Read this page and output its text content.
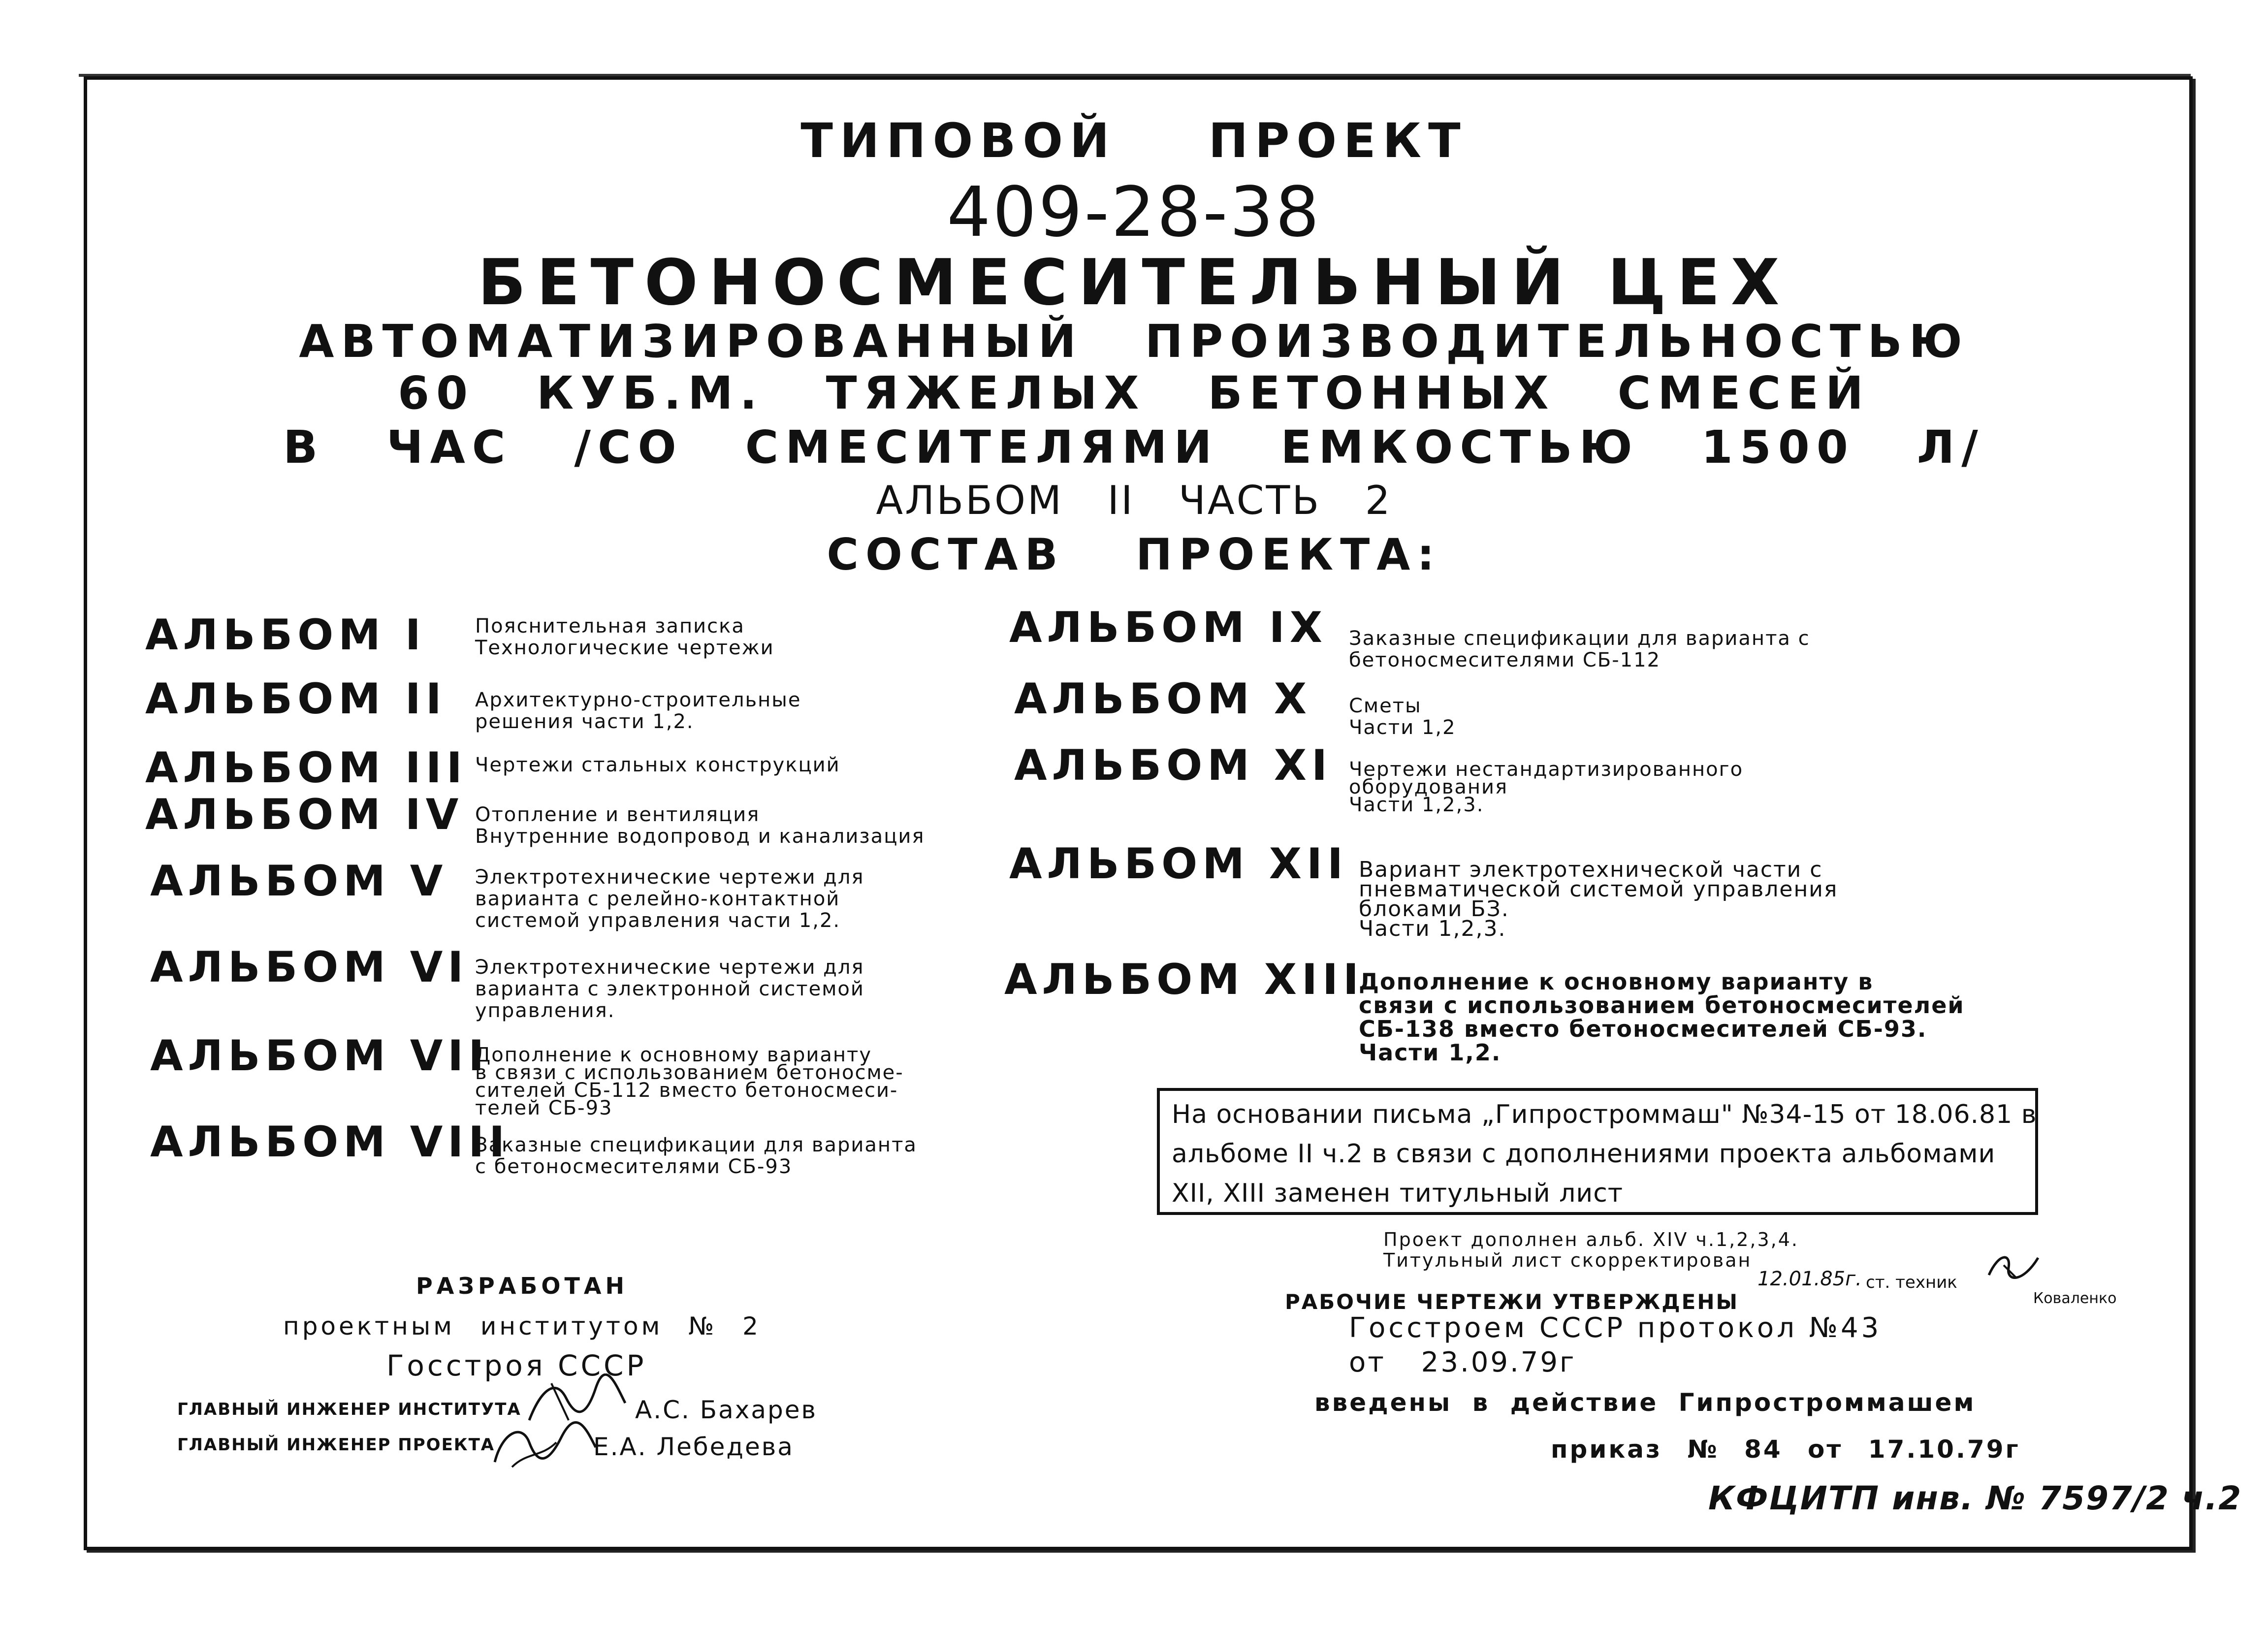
ТИПОВОЙ ПРОЕКТ
409-28-38
БЕТОНОСМЕСИТЕЛЬНЫЙ ЦЕХ
АВТОМАТИЗИРОВАННЫЙ ПРОИЗВОДИТЕЛЬНОСТЬЮ
60 КУБ.М. ТЯЖЕЛЫХ БЕТОННЫХ СМЕСЕЙ
В ЧАС /СО СМЕСИТЕЛЯМИ ЕМКОСТЬЮ 1500 Л/
АЛЬБОМ II ЧАСТЬ 2
СОСТАВ ПРОЕКТА:
АЛЬБОМ I	Пояснительная записка
Технологические чертежи
АЛЬБОМ II Архитектурно-строительные
решения части 1,2.
АЛЬБОМ III Чертежи стальных конструкций
АЛЬБОМ IV Отопление и вентиляция
Внутренние водопровод и канализация
АЛЬБОМ V Электротехнические чертежи для
варианта с релейно-контактной
системой управления части 1,2.
АЛЬБОМ VI Электротехнические чертежи для
варианта с электронной системой
управления.
АЛЬБОМ VII
Дополнение к основному варианту
в связи с использованием бетоносме-
сителей СБ-112 вместо бетоносмеси-
телей СБ-93
АЛЬБОМ VIII
Заказные спецификации для варианта
с бетоносмесителями СБ-93
АЛЬБОМ IX Заказные спецификации для варианта с
бетоносмесителями СБ-112
АЛЬБОМ X Сметы
Части 1,2
АЛЬБОМ XI Чертежи нестандартизированного
оборудования
Части 1,2,3.
АЛЬБОМ XII Вариант электротехнической части с
пневматической системой управления
блоками БЗ.
Части 1,2,3.
АЛЬБОМ XIII
Дополнение к основному варианту в
связи с использованием бетоносмесителей
СБ-138 вместо бетоносмесителей СБ-93.
Части 1,2.
На основании письма „Гипростроммаш" №34-15 от 18.06.81 в
альбоме II ч.2 в связи с дополнениями проекта альбомами
XII, XIII заменен титульный лист
Проект дополнен альб. XIV ч.1,2,3,4.
Титульный лист скорректирован
12.01.85г. ст. техник
Коваленко
РАБОЧИЕ ЧЕРТЕЖИ УТВЕРЖДЕНЫ
Госстроем СССР протокол №43
от 23.09.79г
введены в действие Гипростроммашем
приказ № 84 от 17.10.79г
РАЗРАБОТАН
проектным институтом № 2
Госстроя СССР
ГЛАВНЫЙ ИНЖЕНЕР ИНСТИТУТА	А.С. Бахарев
ГЛАВНЫЙ ИНЖЕНЕР ПРОЕКТА	Е.А. Лебедева
КФЦИТП инв. № 7597/2 ч.2
